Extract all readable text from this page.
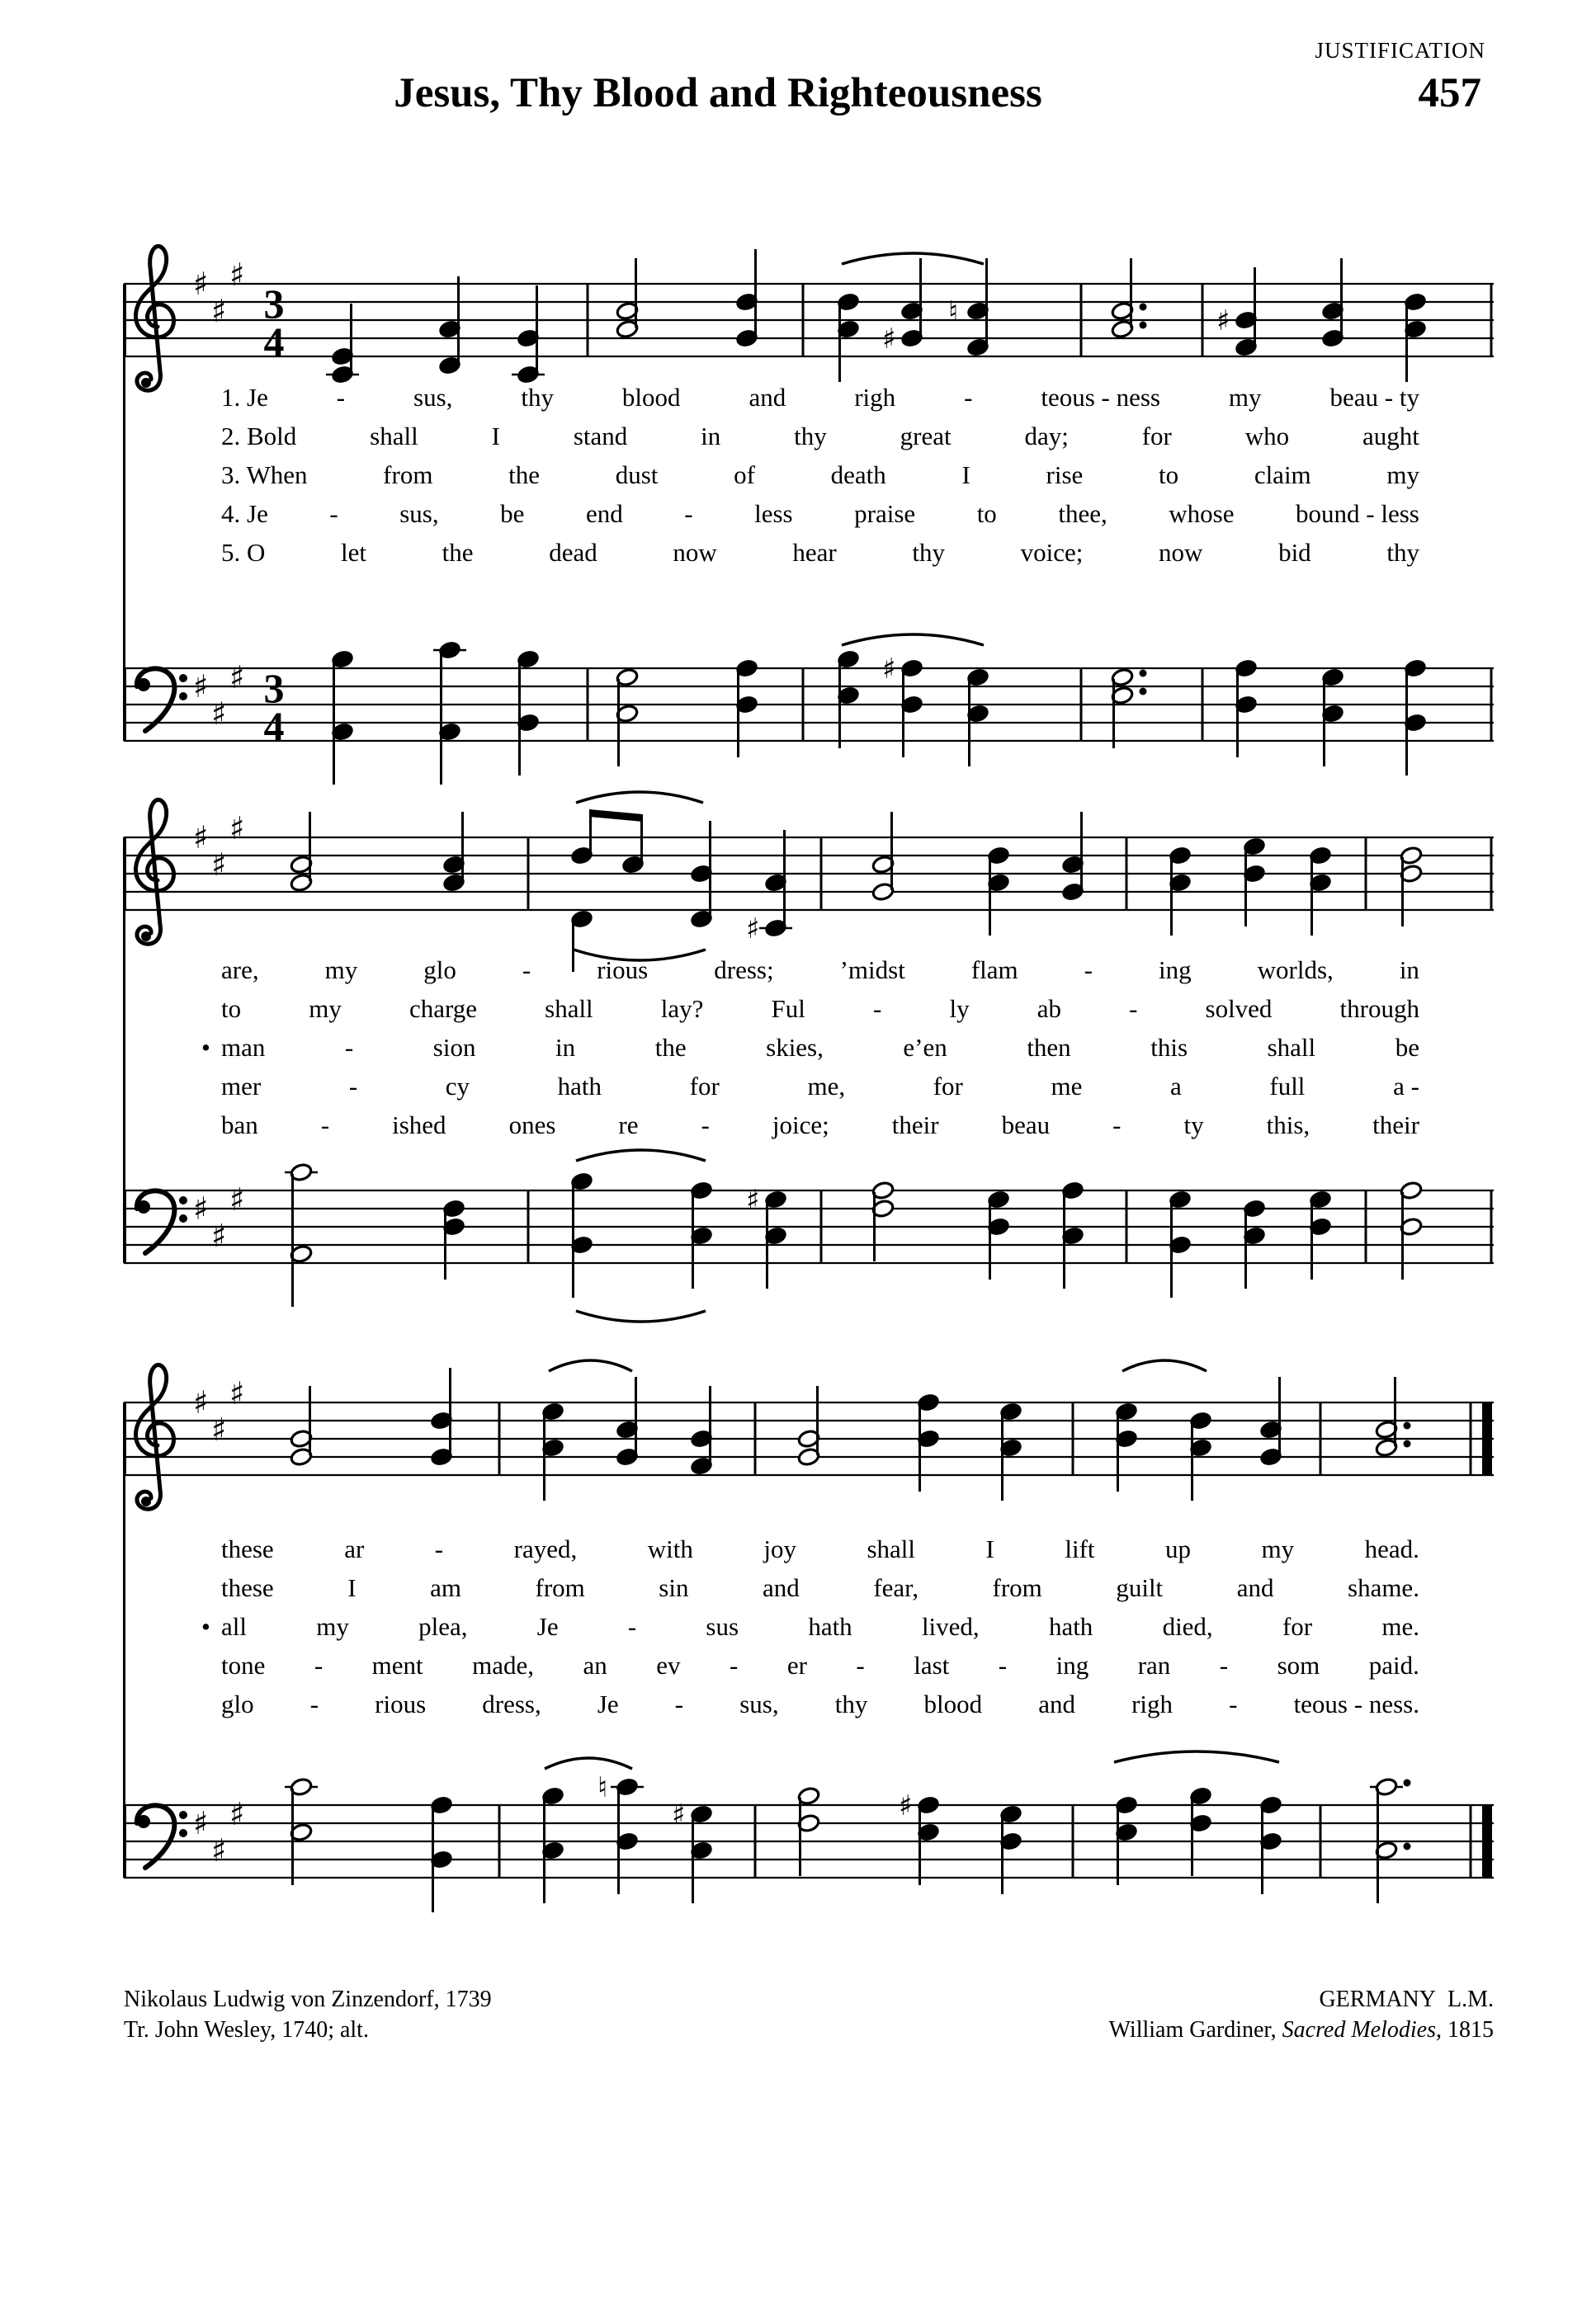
JUSTIFICATION
Jesus, Thy Blood and Righteousness	457
♯
♯
♯
3
4	♯
♮	♯
♯
♯
♯ 3
4
♯
1. Je	-	sus,	thy	blood	and	righ	-	teous - ness	my	beau - ty
2. Bold	shall	I	stand	in	thy	great	day;	for	who	aught
3. When	from	the	dust	of	death	I	rise	to	claim	my
4. Je - sus, be end - less praise to thee, whose bound - less
5. O	let	the	dead	now	hear	thy	voice;	now	bid	thy
♯
♯
♯
♯
♯
♯
♯	♯
are,	my	glo	-	rious	dress;	’midst	flam	-	ing	worlds,	in
to	my	charge	shall	lay?	Ful	-	ly	ab	-	solved	through
• man	-	sion	in	the	skies,	e’en	then	this	shall	be
mer	-	cy	hath	for	me,	for	me	a	full	a -
ban - ished ones re - joice; their beau - ty this, their
♯
♯
♯
♯
♯
♯
♮
♯	♯
these	ar	-	rayed,	with	joy	shall	I	lift	up	my	head.
these	I	am	from	sin	and	fear,	from	guilt	and	shame.
• all	my	plea,	Je	-	sus	hath	lived,	hath	died,	for	me.
tone - ment made, an ev - er - last - ing ran - som paid.
glo - rious dress, Je - sus, thy blood and righ - teous - ness.
Nikolaus Ludwig von Zinzendorf, 1739
Tr. John Wesley, 1740; alt.
GERMANY  L.M.
William Gardiner, Sacred Melodies, 1815
